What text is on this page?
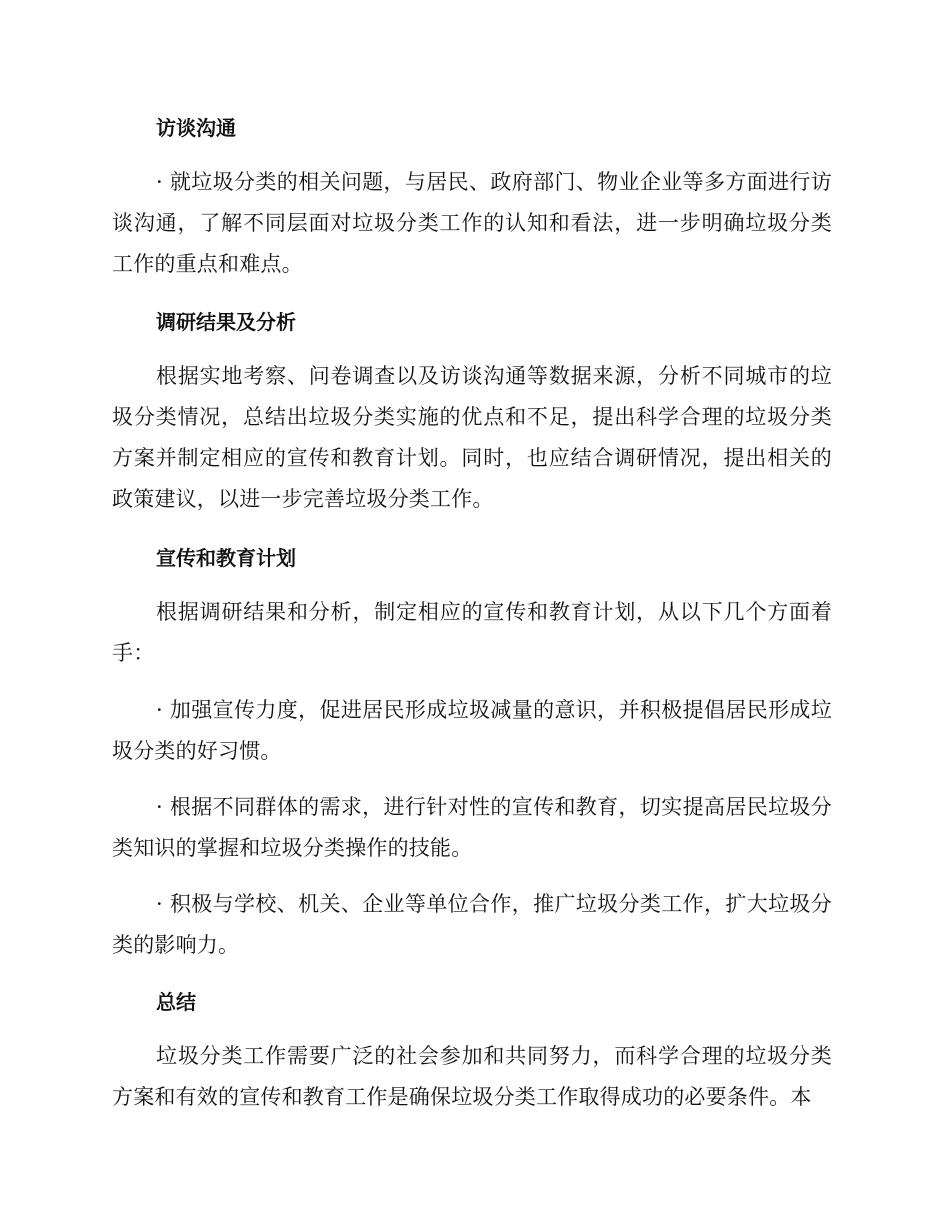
访谈沟通

· 就垃圾分类的相关问题，与居民、政府部门、物业企业等多方面进行访谈沟通，了解不同层面对垃圾分类工作的认知和看法，进一步明确垃圾分类工作的重点和难点。

调研结果及分析

根据实地考察、问卷调查以及访谈沟通等数据来源，分析不同城市的垃圾分类情况，总结出垃圾分类实施的优点和不足，提出科学合理的垃圾分类方案并制定相应的宣传和教育计划。同时，也应结合调研情况，提出相关的政策建议，以进一步完善垃圾分类工作。

宣传和教育计划

根据调研结果和分析，制定相应的宣传和教育计划，从以下几个方面着手：

· 加强宣传力度，促进居民形成垃圾减量的意识，并积极提倡居民形成垃圾分类的好习惯。

· 根据不同群体的需求，进行针对性的宣传和教育，切实提高居民垃圾分类知识的掌握和垃圾分类操作的技能。

· 积极与学校、机关、企业等单位合作，推广垃圾分类工作，扩大垃圾分类的影响力。

总结

垃圾分类工作需要广泛的社会参加和共同努力，而科学合理的垃圾分类方案和有效的宣传和教育工作是确保垃圾分类工作取得成功的必要条件。本
